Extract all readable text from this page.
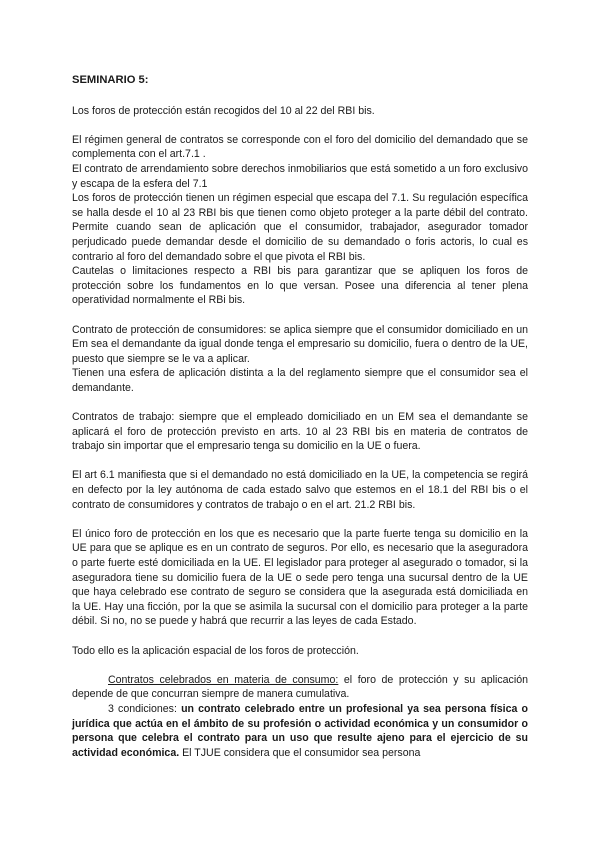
SEMINARIO 5:

Los foros de protección están recogidos del 10 al 22 del RBI bis.

El régimen general de contratos se corresponde con el foro del domicilio del demandado que se complementa con el art.7.1 .

El contrato de arrendamiento sobre derechos inmobiliarios que está sometido a un foro exclusivo y escapa de la esfera del 7.1

Los foros de protección tienen un régimen especial que escapa del 7.1. Su regulación específica se halla desde el 10 al 23 RBI bis que tienen como objeto proteger a la parte débil del contrato. Permite cuando sean de aplicación que el consumidor, trabajador, asegurador tomador perjudicado puede demandar desde el domicilio de su demandado o foris actoris, lo cual es contrario al foro del demandado sobre el que pivota el RBI bis.

Cautelas o limitaciones respecto a RBI bis para garantizar que se apliquen los foros de protección sobre los fundamentos en lo que versan. Posee una diferencia al tener plena operatividad normalmente el RBi bis.

Contrato de protección de consumidores: se aplica siempre que el consumidor domiciliado en un Em sea el demandante da igual donde tenga el empresario su domicilio, fuera o dentro de la UE, puesto que siempre se le va a aplicar.

Tienen una esfera de aplicación distinta a la del reglamento siempre que el consumidor sea el demandante.

Contratos de trabajo: siempre que el empleado domiciliado en un EM sea el demandante se aplicará el foro de protección previsto en arts. 10 al 23 RBI bis en materia de contratos de trabajo sin importar que el empresario tenga su domicilio en la UE o fuera.

El art 6.1 manifiesta que si el demandado no está domiciliado en la UE, la competencia se regirá en defecto por la ley autónoma de cada estado salvo que estemos en el 18.1 del RBI bis o el contrato de consumidores y contratos de trabajo o en el art. 21.2 RBI bis.

El único foro de protección en los que es necesario que la parte fuerte tenga su domicilio en la UE para que se aplique es en un contrato de seguros. Por ello, es necesario que la aseguradora o parte fuerte esté domiciliada en la UE. El legislador para proteger al asegurado o tomador, si la aseguradora tiene su domicilio fuera de la UE o sede pero tenga una sucursal dentro de la UE que haya celebrado ese contrato de seguro se considera que la asegurada está domiciliada en la UE. Hay una ficción, por la que se asimila la sucursal con el domicilio para proteger a la parte débil. Si no, no se puede y habrá que recurrir a las leyes de cada Estado.

Todo ello es la aplicación espacial de los foros de protección.

Contratos celebrados en materia de consumo: el foro de protección y su aplicación depende de que concurran siempre de manera cumulativa.

3 condiciones: un contrato celebrado entre un profesional ya sea persona física o jurídica que actúa en el ámbito de su profesión o actividad económica y un consumidor o persona que celebra el contrato para un uso que resulte ajeno para el ejercicio de su actividad económica. El TJUE considera que el consumidor sea persona
